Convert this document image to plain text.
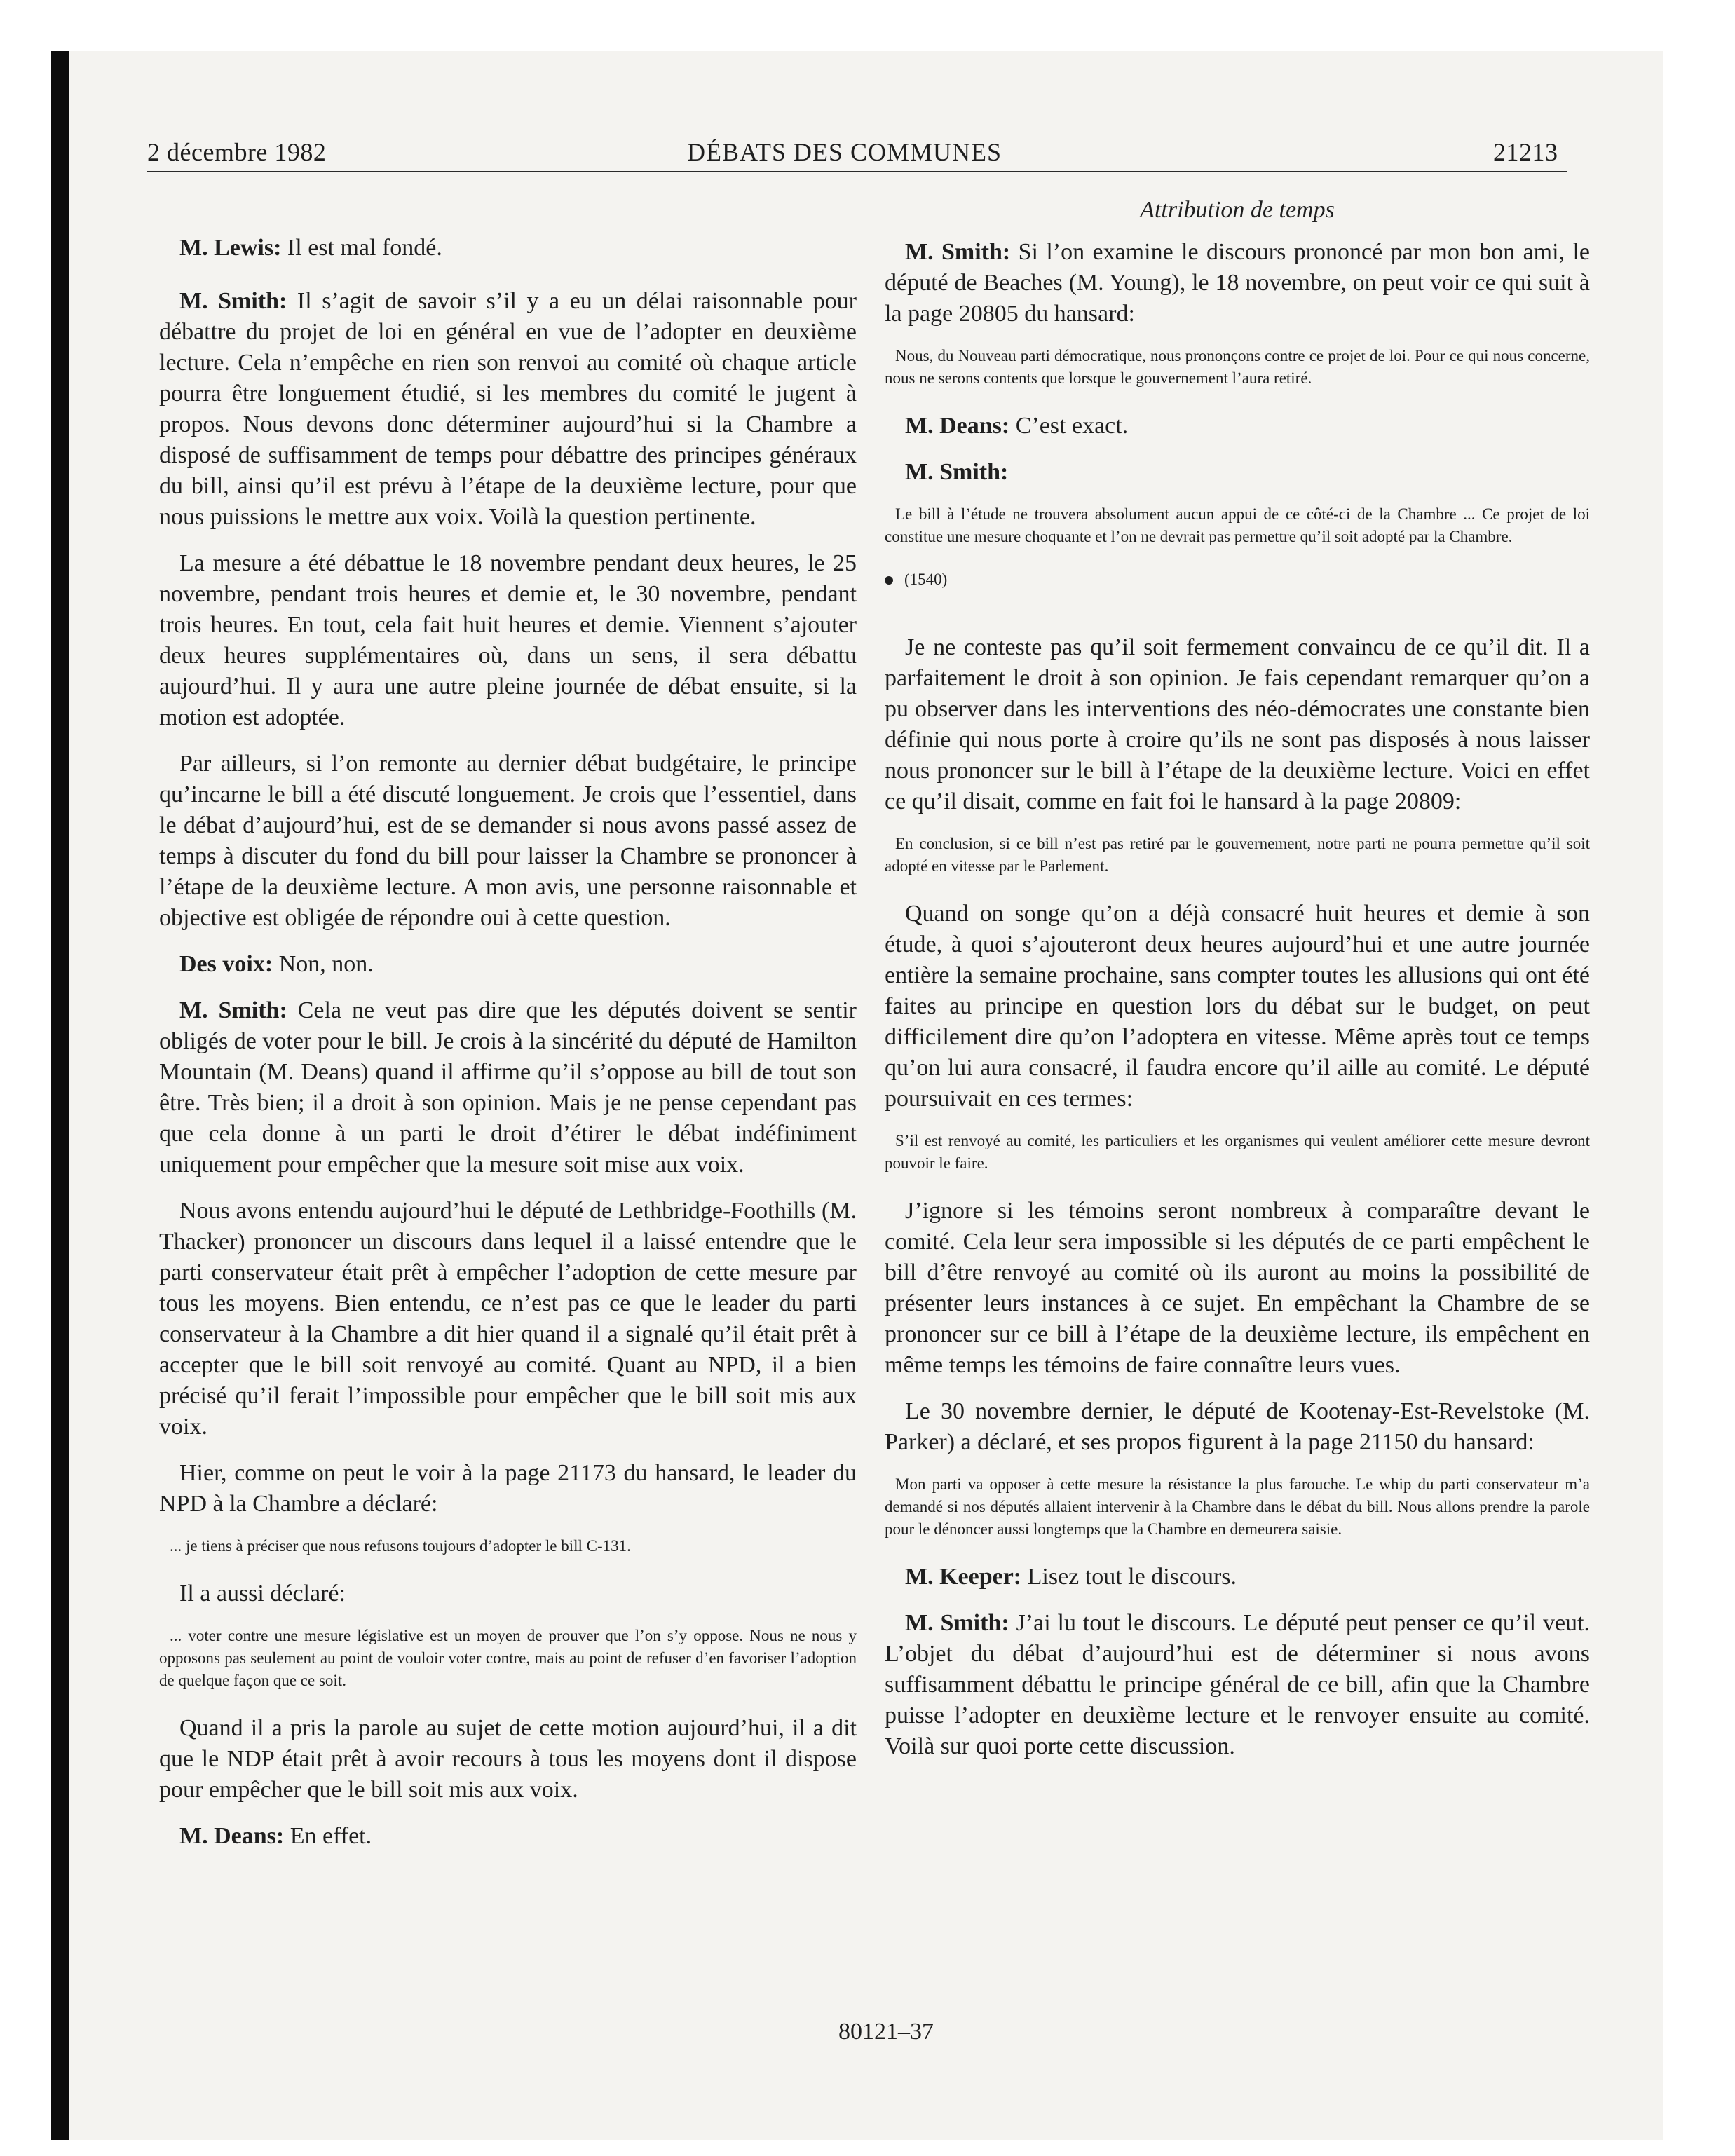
2 décembre 1982	DÉBATS DES COMMUNES	21213

M. Lewis: Il est mal fondé.

M. Smith: Il s’agit de savoir s’il y a eu un délai raisonnable pour débattre du projet de loi en général en vue de l’adopter en deuxième lecture. Cela n’empêche en rien son renvoi au comité où chaque article pourra être longuement étudié, si les membres du comité le jugent à propos. Nous devons donc déterminer aujourd’hui si la Chambre a disposé de suffisamment de temps pour débattre des principes généraux du bill, ainsi qu’il est prévu à l’étape de la deuxième lecture, pour que nous puissions le mettre aux voix. Voilà la question pertinente.

La mesure a été débattue le 18 novembre pendant deux heures, le 25 novembre, pendant trois heures et demie et, le 30 novembre, pendant trois heures. En tout, cela fait huit heures et demie. Viennent s’ajouter deux heures supplémentaires où, dans un sens, il sera débattu aujourd’hui. Il y aura une autre pleine journée de débat ensuite, si la motion est adoptée.

Par ailleurs, si l’on remonte au dernier débat budgétaire, le principe qu’incarne le bill a été discuté longuement. Je crois que l’essentiel, dans le débat d’aujourd’hui, est de se demander si nous avons passé assez de temps à discuter du fond du bill pour laisser la Chambre se prononcer à l’étape de la deuxième lecture. A mon avis, une personne raisonnable et objective est obligée de répondre oui à cette question.

Des voix: Non, non.

M. Smith: Cela ne veut pas dire que les députés doivent se sentir obligés de voter pour le bill. Je crois à la sincérité du député de Hamilton Mountain (M. Deans) quand il affirme qu’il s’oppose au bill de tout son être. Très bien; il a droit à son opinion. Mais je ne pense cependant pas que cela donne à un parti le droit d’étirer le débat indéfiniment uniquement pour empêcher que la mesure soit mise aux voix.

Nous avons entendu aujourd’hui le député de Lethbridge-Foothills (M. Thacker) prononcer un discours dans lequel il a laissé entendre que le parti conservateur était prêt à empêcher l’adoption de cette mesure par tous les moyens. Bien entendu, ce n’est pas ce que le leader du parti conservateur à la Chambre a dit hier quand il a signalé qu’il était prêt à accepter que le bill soit renvoyé au comité. Quant au NPD, il a bien précisé qu’il ferait l’impossible pour empêcher que le bill soit mis aux voix.

Hier, comme on peut le voir à la page 21173 du hansard, le leader du NPD à la Chambre a déclaré:

... je tiens à préciser que nous refusons toujours d’adopter le bill C-131.

Il a aussi déclaré:

... voter contre une mesure législative est un moyen de prouver que l’on s’y oppose. Nous ne nous y opposons pas seulement au point de vouloir voter contre, mais au point de refuser d’en favoriser l’adoption de quelque façon que ce soit.

Quand il a pris la parole au sujet de cette motion aujourd’hui, il a dit que le NDP était prêt à avoir recours à tous les moyens dont il dispose pour empêcher que le bill soit mis aux voix.

M. Deans: En effet.

Attribution de temps

M. Smith: Si l’on examine le discours prononcé par mon bon ami, le député de Beaches (M. Young), le 18 novembre, on peut voir ce qui suit à la page 20805 du hansard:

Nous, du Nouveau parti démocratique, nous prononçons contre ce projet de loi. Pour ce qui nous concerne, nous ne serons contents que lorsque le gouvernement l’aura retiré.

M. Deans: C’est exact.

M. Smith:

Le bill à l’étude ne trouvera absolument aucun appui de ce côté-ci de la Chambre ... Ce projet de loi constitue une mesure choquante et l’on ne devrait pas permettre qu’il soit adopté par la Chambre.

(1540)

Je ne conteste pas qu’il soit fermement convaincu de ce qu’il dit. Il a parfaitement le droit à son opinion. Je fais cependant remarquer qu’on a pu observer dans les interventions des néo-démocrates une constante bien définie qui nous porte à croire qu’ils ne sont pas disposés à nous laisser nous prononcer sur le bill à l’étape de la deuxième lecture. Voici en effet ce qu’il disait, comme en fait foi le hansard à la page 20809:

En conclusion, si ce bill n’est pas retiré par le gouvernement, notre parti ne pourra permettre qu’il soit adopté en vitesse par le Parlement.

Quand on songe qu’on a déjà consacré huit heures et demie à son étude, à quoi s’ajouteront deux heures aujourd’hui et une autre journée entière la semaine prochaine, sans compter toutes les allusions qui ont été faites au principe en question lors du débat sur le budget, on peut difficilement dire qu’on l’adoptera en vitesse. Même après tout ce temps qu’on lui aura consacré, il faudra encore qu’il aille au comité. Le député poursuivait en ces termes:

S’il est renvoyé au comité, les particuliers et les organismes qui veulent améliorer cette mesure devront pouvoir le faire.

J’ignore si les témoins seront nombreux à comparaître devant le comité. Cela leur sera impossible si les députés de ce parti empêchent le bill d’être renvoyé au comité où ils auront au moins la possibilité de présenter leurs instances à ce sujet. En empêchant la Chambre de se prononcer sur ce bill à l’étape de la deuxième lecture, ils empêchent en même temps les témoins de faire connaître leurs vues.

Le 30 novembre dernier, le député de Kootenay-Est-Revelstoke (M. Parker) a déclaré, et ses propos figurent à la page 21150 du hansard:

Mon parti va opposer à cette mesure la résistance la plus farouche. Le whip du parti conservateur m’a demandé si nos députés allaient intervenir à la Chambre dans le débat du bill. Nous allons prendre la parole pour le dénoncer aussi longtemps que la Chambre en demeurera saisie.

M. Keeper: Lisez tout le discours.

M. Smith: J’ai lu tout le discours. Le député peut penser ce qu’il veut. L’objet du débat d’aujourd’hui est de déterminer si nous avons suffisamment débattu le principe général de ce bill, afin que la Chambre puisse l’adopter en deuxième lecture et le renvoyer ensuite au comité. Voilà sur quoi porte cette discussion.

80121–37
